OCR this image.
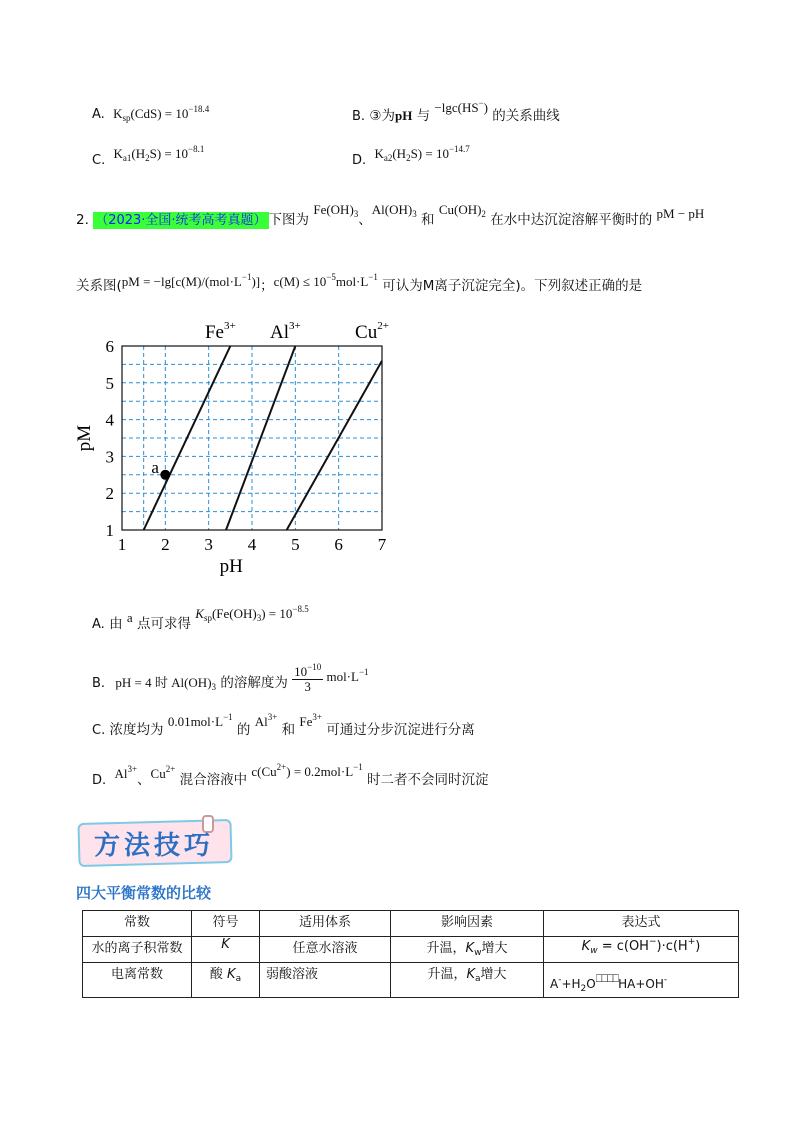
A. $K_{sp}(CdS) = 10^{-18.4}$	B. ③为pH 与 −lgc(HS−) 的关系曲线
C. $K_{a1}(H_2S) = 10^{-8.1}$
D. $K_{a2}(H_2S) = 10^{-14.7}$
2. （2023·全国·统考高考真题） 下图为 $Fe(OH)_3$、$Al(OH)_3$ 和 $Cu(OH)_2$ 在水中达沉淀溶解平衡时的 pM − pH
关系图($pM = -\lg[c(M)/(mol\cdot L^{-1})]$；$c(M) \le 10^{-5}mol\cdot L^{-1}$ 可认为M离子沉淀完全)。下列叙述正确的是
1 2 3 4 5 6 7
1
2
3
4
5
6
$Fe^{3+}$ $Al^{3+}$	$Cu^{2+}$
a
pH
pM
A. 由 a 点可求得 $K_{sp}(Fe(OH)_3) = 10^{-8.5}$
B. pH = 4 时 $Al(OH)_3$ 的溶解度为 $\frac{10^{-10}}{3} mol\cdot L^{-1}$
C. 浓度均为 $0.01mol\cdot L^{-1}$ 的 $Al^{3+}$ 和 $Fe^{3+}$ 可通过分步沉淀进行分离
D. $Al^{3+}$、$Cu^{2+}$ 混合溶液中 $c(Cu^{2+}) = 0.2mol\cdot L^{-1}$ 时二者不会同时沉淀
方法技巧
四大平衡常数的比较
常数	符号	适用体系	影响因素	表达式
水的离子积常数	K	任意水溶液	升温，$K_w$增大	$K_w = c(OH^-)\cdot c(H^+)$
电离常数	酸 $K_a$	弱酸溶液	升温，$K_a$增大	$A^-+H_2O⎕⎕⎕⎕HA+OH^-$
